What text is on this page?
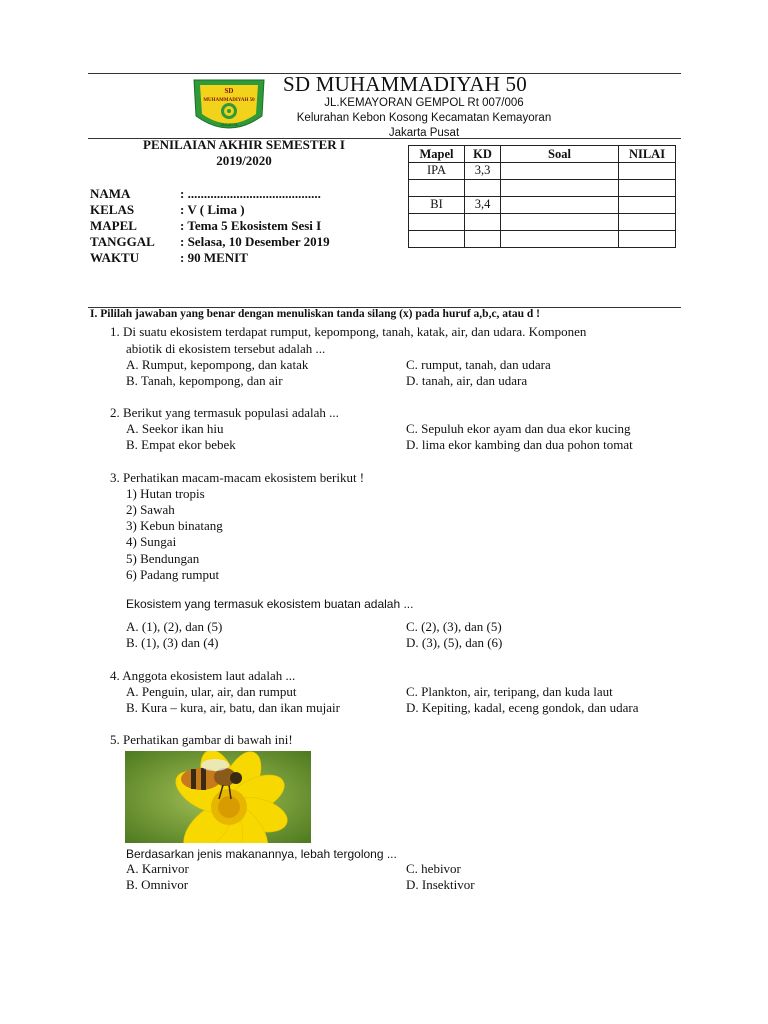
SD
MUHAMMADIYAH 50
JAKARTA
SD MUHAMMADIYAH 50
JL.KEMAYORAN GEMPOL Rt 007/006
Kelurahan Kebon Kosong Kecamatan Kemayoran
Jakarta Pusat
PENILAIAN AKHIR SEMESTER I
2019/2020
NAMA	: .........................................
KELAS	: V ( Lima )
MAPEL	: Tema 5 Ekosistem Sesi I
TANGGAL	: Selasa, 10 Desember 2019
WAKTU	: 90 MENIT
Mapel	KD	Soal	NILAI
IPA	3,3		

BI	3,4		

I. Pililah jawaban yang benar dengan menuliskan tanda silang (x) pada huruf a,b,c, atau d !
1. Di suatu ekosistem terdapat rumput, kepompong, tanah, katak, air, dan udara. Komponen
abiotik di ekosistem tersebut adalah ...
A. Rumput, kepompong, dan katak
B. Tanah, kepompong, dan air
C. rumput, tanah, dan udara
D. tanah, air, dan udara
2. Berikut yang termasuk populasi adalah ...
A. Seekor ikan hiu
B. Empat ekor bebek
C. Sepuluh ekor ayam dan dua ekor kucing
D. lima ekor kambing dan dua pohon tomat
3. Perhatikan macam-macam ekosistem berikut !
1) Hutan tropis
2) Sawah
3) Kebun binatang
4) Sungai
5) Bendungan
6) Padang rumput
Ekosistem yang termasuk ekosistem buatan adalah ...
A. (1), (2), dan (5)
B. (1), (3) dan (4)
C. (2), (3), dan (5)
D. (3), (5), dan (6)
4. Anggota ekosistem laut adalah ...
A. Penguin, ular, air, dan rumput
B. Kura – kura, air, batu, dan ikan mujair
C. Plankton, air, teripang, dan kuda laut
D. Kepiting, kadal, eceng gondok, dan udara
5. Perhatikan gambar di bawah ini!
Berdasarkan jenis makanannya, lebah tergolong ...
A. Karnivor
B. Omnivor
C. hebivor
D. Insektivor
